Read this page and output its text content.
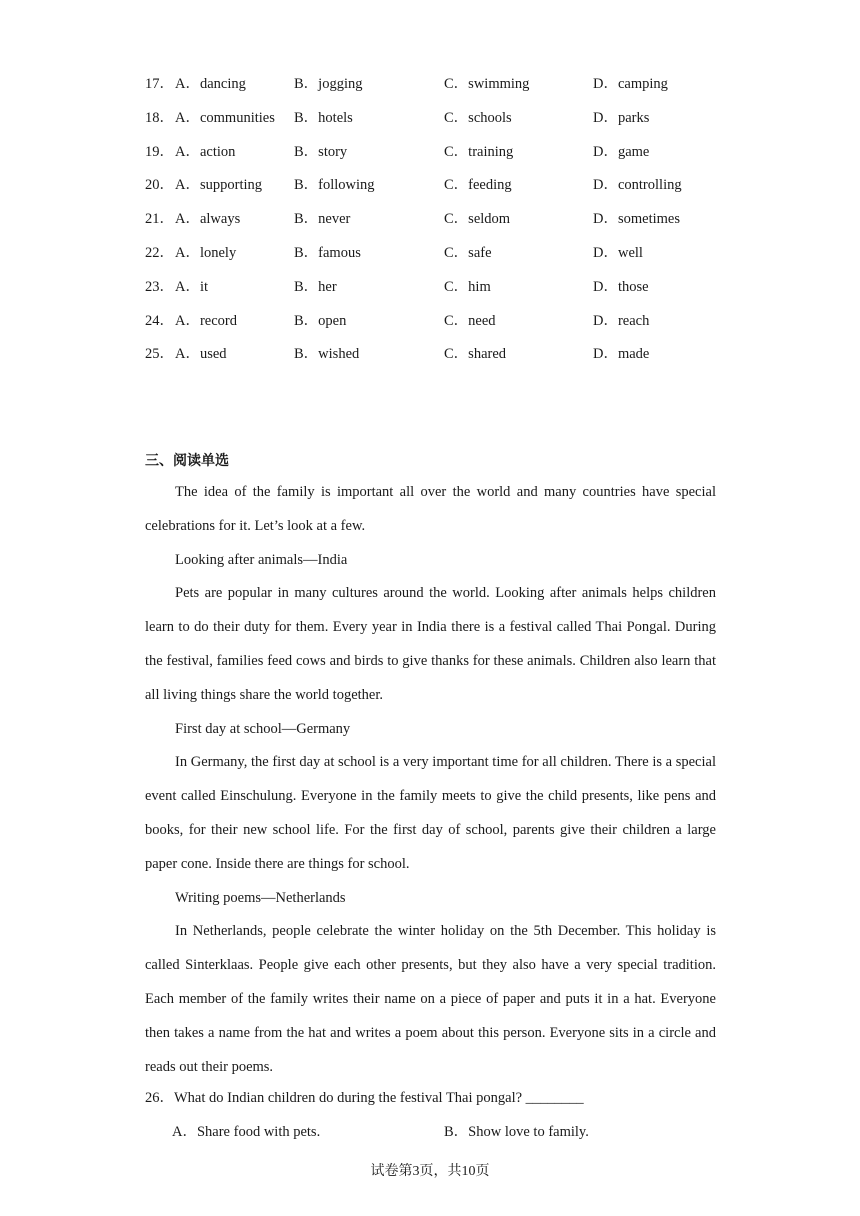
17． A．dancing	B．jogging	C．swimming	D．camping
18． A．communities B．hotels	C．schools	D．parks
19． A．action	B．story	C．training	D．game
20． A．supporting B．following	C．feeding	D．controlling
21． A．always	B．never	C．seldom	D．sometimes
22． A．lonely	B．famous	C．safe	D．well
23． A．it	B．her	C．him	D．those
24． A．record	B．open	C．need	D．reach
25． A．used	B．wished	C．shared	D．made
三、阅读单选

The idea of the family is important all over the world and many countries have special celebrations for it. Let’s look at a few.

Looking after animals—India

Pets are popular in many cultures around the world. Looking after animals helps children learn to do their duty for them. Every year in India there is a festival called Thai Pongal. During the festival, families feed cows and birds to give thanks for these animals. Children also learn that all living things share the world together.

First day at school—Germany

In Germany, the first day at school is a very important time for all children. There is a special event called Einschulung. Everyone in the family meets to give the child presents, like pens and books, for their new school life. For the first day of school, parents give their children a large paper cone. Inside there are things for school.

Writing poems—Netherlands

In Netherlands, people celebrate the winter holiday on the 5th December. This holiday is called Sinterklaas. People give each other presents, but they also have a very special tradition. Each member of the family writes their name on a piece of paper and puts it in a hat. Everyone then takes a name from the hat and writes a poem about this person. Everyone sits in a circle and reads out their poems.

26．What do Indian children do during the festival Thai pongal? ________
A．Share food with pets.	B．Show love to family.
试卷第3页，共10页
